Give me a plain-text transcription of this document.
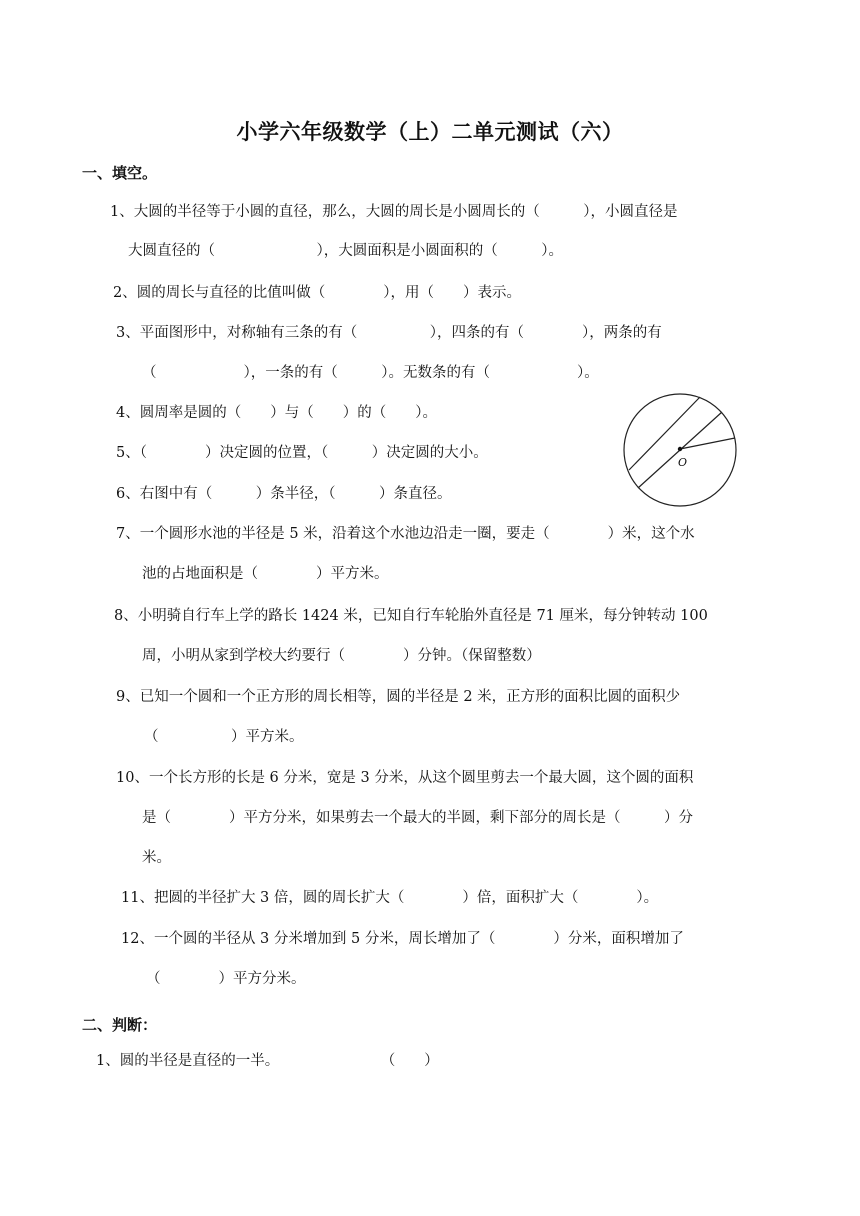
小学六年级数学（上）二单元测试（六）
一、填空。
1、大圆的半径等于小圆的直径，那么，大圆的周长是小圆周长的（　　　），小圆直径是
大圆直径的（　　　　　　　），大圆面积是小圆面积的（　　　）。
2、圆的周长与直径的比值叫做（　　　　），用（　　）表示。
3、平面图形中，对称轴有三条的有（　　　　　），四条的有（　　　　），两条的有
（　　　　　　），一条的有（　　　）。无数条的有（　　　　　　）。
4、圆周率是圆的（　　）与（　　）的（　　）。
5、（　　　　）决定圆的位置，（　　　）决定圆的大小。
6、右图中有（　　　）条半径，（　　　）条直径。
7、一个圆形水池的半径是 5 米，沿着这个水池边沿走一圈，要走（　　　　）米，这个水
池的占地面积是（　　　　）平方米。
8、小明骑自行车上学的路长 1424 米，已知自行车轮胎外直径是 71 厘米，每分钟转动 100
周，小明从家到学校大约要行（　　　　）分钟。（保留整数）
9、已知一个圆和一个正方形的周长相等，圆的半径是 2 米，正方形的面积比圆的面积少
（　　　　　）平方米。
10、一个长方形的长是 6 分米，宽是 3 分米，从这个圆里剪去一个最大圆，这个圆的面积
是（　　　　）平方分米，如果剪去一个最大的半圆，剩下部分的周长是（　　　）分
米。
11、把圆的半径扩大 3 倍，圆的周长扩大（　　　　）倍，面积扩大（　　　　）。
12、一个圆的半径从 3 分米增加到 5 分米，周长增加了（　　　　）分米，面积增加了
（　　　　）平方分米。
二、判断：
1、圆的半径是直径的一半。　　　　　　　　（　　）
O
